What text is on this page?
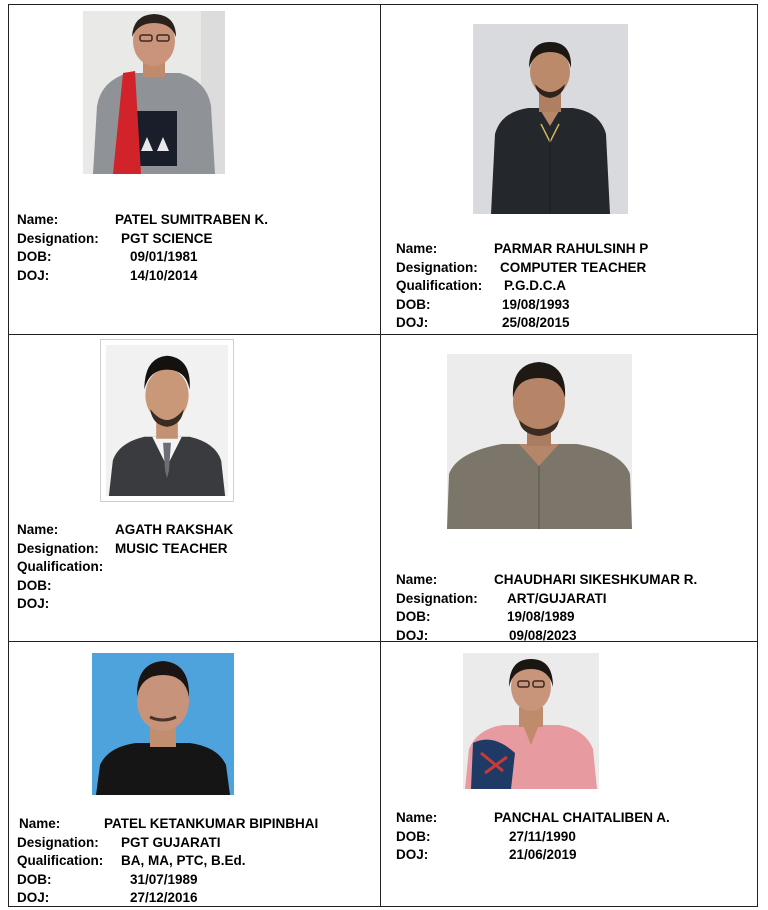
Name:	PATEL SUMITRABEN K.
Designation: PGT SCIENCE
DOB:	09/01/1981
DOJ:	14/10/2014
Name:	PARMAR RAHULSINH P
Designation: COMPUTER TEACHER
Qualification: P.G.D.C.A
DOB:	19/08/1993
DOJ:	25/08/2015
Name:	AGATH RAKSHAK
Designation: MUSIC TEACHER
Qualification:
DOB:
DOJ:
Name:	CHAUDHARI SIKESHKUMAR R.
Designation: ART/GUJARATI
DOB:	19/08/1989
DOJ:	09/08/2023
Name:	PATEL KETANKUMAR BIPINBHAI
Designation: PGT GUJARATI
Qualification: BA, MA, PTC, B.Ed.
DOB:	31/07/1989
DOJ:	27/12/2016
Name:	PANCHAL CHAITALIBEN A.
DOB:	27/11/1990
DOJ:	21/06/2019
